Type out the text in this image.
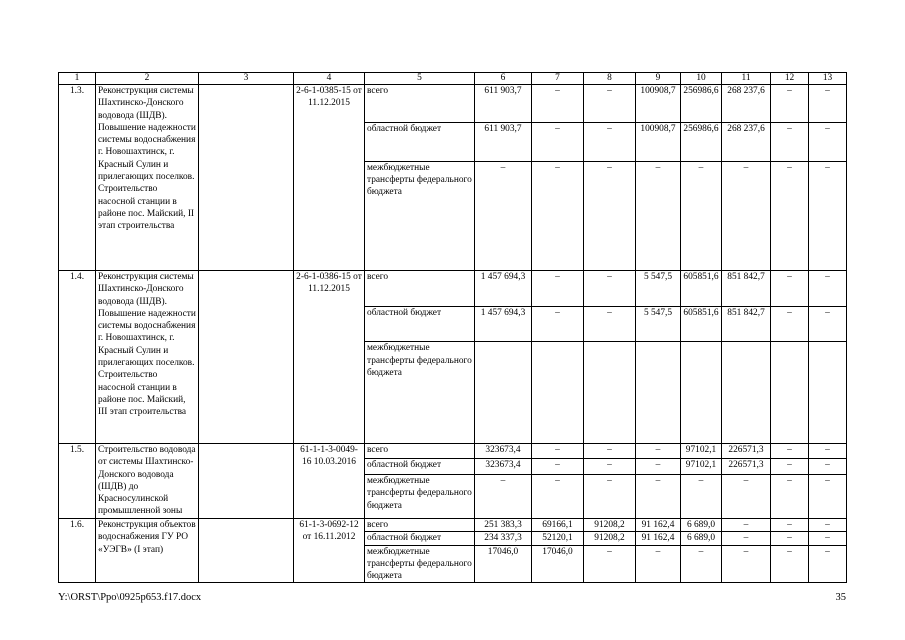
1	2	3	4	5	6	7	8	9	10	11	12	13
1.3.	Реконструкция системы Шахтинско-Донского водовода (ШДВ). Повышение надежности системы водоснабжения г. Новошахтинск, г. Красный Сулин и прилегающих поселков. Строительство насосной станции в районе пос. Майский, II этап строительства		2-6-1-0385-15 от 11.12.2015	всего	611 903,7	–	–	100908,7	256986,6	268 237,6	–	–
				областной бюджет	611 903,7	–	–	100908,7	256986,6	268 237,6	–	–
				межбюджетные трансферты федерального бюджета	–	–	–	–	–	–	–	–
1.4.	Реконструкция системы Шахтинско-Донского водовода (ШДВ). Повышение надежности системы водоснабжения г. Новошахтинск, г. Красный Сулин и прилегающих поселков. Строительство насосной станции в районе пос. Майский, III этап строительства		2-6-1-0386-15 от 11.12.2015	всего	1 457 694,3	–	–	5 547,5	605851,6	851 842,7	–	–
				областной бюджет	1 457 694,3	–	–	5 547,5	605851,6	851 842,7	–	–
				межбюджетные трансферты федерального бюджета								
1.5.	Строительство водовода от системы Шахтинско-Донского водовода (ШДВ) до Красносулинской промышленной зоны		61-1-1-3-0049-16 10.03.2016	всего	323673,4	–	–	–	97102,1	226571,3	–	–
				областной бюджет	323673,4	–	–	–	97102,1	226571,3	–	–
				межбюджетные трансферты федерального бюджета	–	–	–	–	–	–	–	–
1.6.	Реконструкция объектов водоснабжения ГУ РО «УЭГВ» (I этап)		61-1-3-0692-12 от 16.11.2012	всего	251 383,3	69166,1	91208,2	91 162,4	6 689,0	–	–	–
				областной бюджет	234 337,3	52120,1	91208,2	91 162,4	6 689,0	–	–	–
				межбюджетные трансферты федерального бюджета	17046,0	17046,0	–	–	–	–	–	–
Y:\ORST\Ppo\0925p653.f17.docx	35
